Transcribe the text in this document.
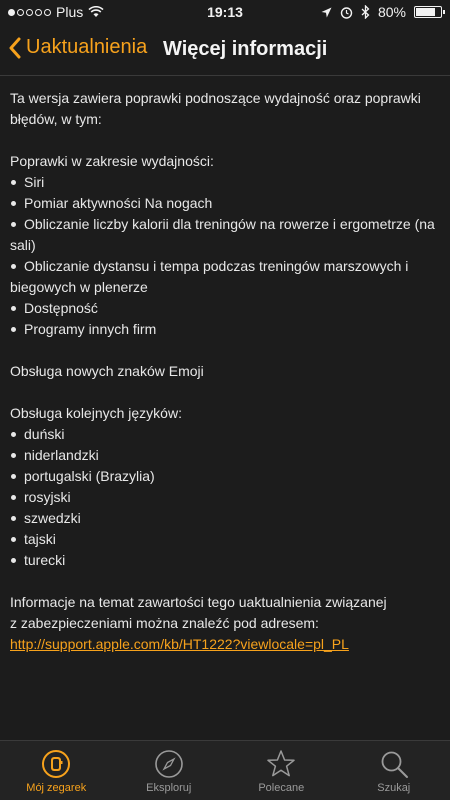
Plus	19:13	80%
Uaktualnienia Więcej informacji

Ta wersja zawiera poprawki podnoszące wydajność oraz poprawki
błędów, w tym:

Poprawki w zakresie wydajności:
Siri
Pomiar aktywności Na nogach
Obliczanie liczby kalorii dla treningów na rowerze i ergometrze (na sali)
Obliczanie dystansu i tempa podczas treningów marszowych i biegowych w plenerze
Dostępność
Programy innych firm

Obsługa nowych znaków Emoji

Obsługa kolejnych języków:
duński
niderlandzki
portugalski (Brazylia)
rosyjski
szwedzki
tajski
turecki

Informacje na temat zawartości tego uaktualnienia związanej
z zabezpieczeniami można znaleźć pod adresem:
http://support.apple.com/kb/HT1222?viewlocale=pl_PL

Mój zegarek	Eksploruj	Polecane	Szukaj
